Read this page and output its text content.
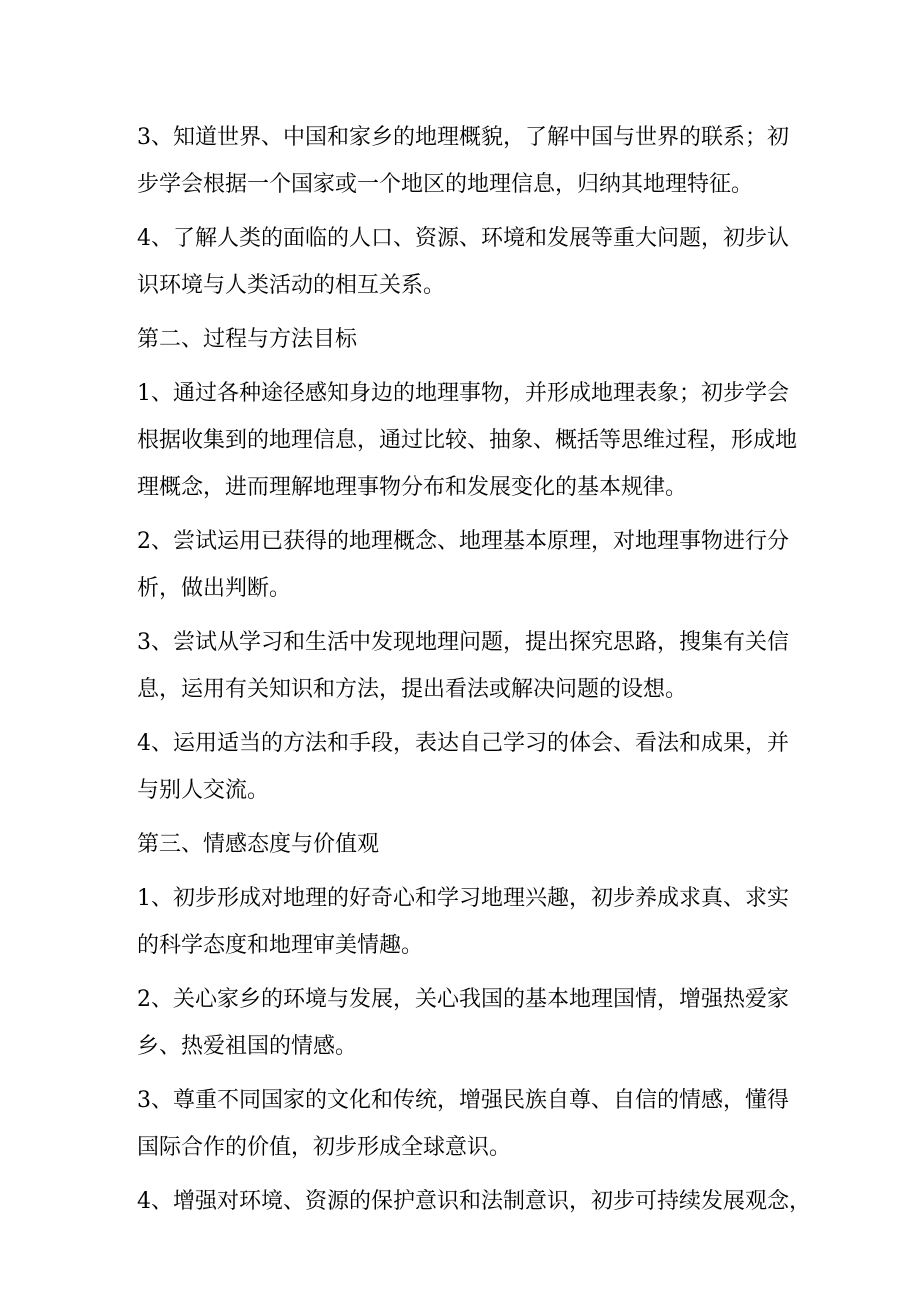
3、知道世界、中国和家乡的地理概貌，了解中国与世界的联系；初
步学会根据一个国家或一个地区的地理信息，归纳其地理特征。
4、了解人类的面临的人口、资源、环境和发展等重大问题，初步认
识环境与人类活动的相互关系。
第二、过程与方法目标
1、通过各种途径感知身边的地理事物，并形成地理表象；初步学会
根据收集到的地理信息，通过比较、抽象、概括等思维过程，形成地
理概念，进而理解地理事物分布和发展变化的基本规律。
2、尝试运用已获得的地理概念、地理基本原理，对地理事物进行分
析，做出判断。
3、尝试从学习和生活中发现地理问题，提出探究思路，搜集有关信
息，运用有关知识和方法，提出看法或解决问题的设想。
4、运用适当的方法和手段，表达自己学习的体会、看法和成果，并
与别人交流。
第三、情感态度与价值观
1、初步形成对地理的好奇心和学习地理兴趣，初步养成求真、求实
的科学态度和地理审美情趣。
2、关心家乡的环境与发展，关心我国的基本地理国情，增强热爱家
乡、热爱祖国的情感。
3、尊重不同国家的文化和传统，增强民族自尊、自信的情感，懂得
国际合作的价值，初步形成全球意识。
4、增强对环境、资源的保护意识和法制意识，初步可持续发展观念，
